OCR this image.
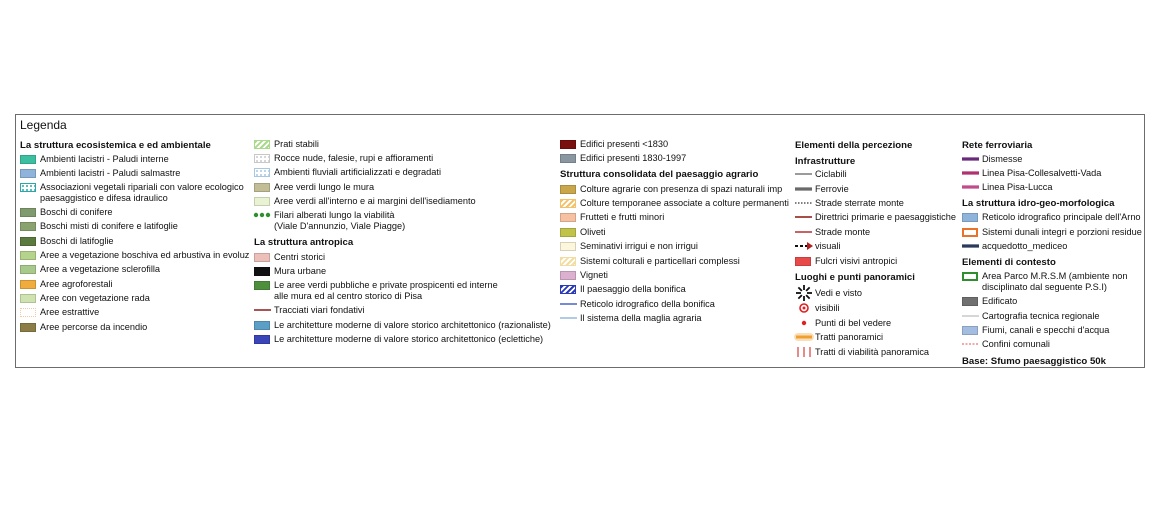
Legenda
La struttura ecosistemica e ed ambientale
Ambienti lacistri - Paludi interne
Ambienti lacistri - Paludi salmastre
Associazioni vegetali ripariali con valore ecologico
paesaggistico e difesa idraulico
Boschi di conifere
Boschi misti di conifere e latifoglie
Boschi di latifoglie
Aree a vegetazione boschiva ed arbustiva in evoluz
Aree a vegetazione sclerofilla
Aree agroforestali
Aree con vegetazione rada
Aree estrattive
Aree percorse da incendio
Prati stabili
Rocce nude, falesie, rupi e affioramenti
Ambienti fluviali artificializzati e degradati
Aree verdi lungo le mura
Aree verdi all'interno e ai margini dell'isediamento
Filari alberati lungo la viabilità
(Viale D'annunzio, Viale Piagge)
La struttura antropica
Centri storici
Mura urbane
Le aree verdi pubbliche e private prospicenti ed interne
alle mura ed al centro storico di Pisa
Tracciati viari fondativi
Le architetture moderne di valore storico architettonico (razionaliste)
Le architetture moderne di valore storico architettonico (eclettiche)
Edifici presenti <1830
Edifici presenti 1830-1997
Struttura consolidata del paesaggio agrario
Colture agrarie con presenza di spazi naturali imp
Colture temporanee associate a colture permanenti
Frutteti e frutti minori
Oliveti
Seminativi irrigui e non irrigui
Sistemi colturali e particellari complessi
Vigneti
Il paesaggio della bonifica
Reticolo idrografico della bonifica
Il sistema della maglia agraria
Elementi della percezione
Infrastrutture
Ciclabili
Ferrovie
Strade sterrate monte
Direttrici primarie e paesaggistiche
Strade monte
visuali
Fulcri visivi antropici
Luoghi e punti panoramici
Vedi e visto
visibili
Punti di bel vedere
Tratti panoramici
Tratti di viabilità panoramica
Rete ferroviaria
Dismesse
Linea Pisa-Collesalvetti-Vada
Linea Pisa-Lucca
La struttura idro-geo-morfologica
Reticolo idrografico principale dell'Arno
Sistemi dunali integri e porzioni residue
acquedotto_mediceo
Elementi di contesto
Area Parco M.R.S.M (ambiente non
disciplinato dal seguente P.S.I)
Edificato
Cartografia tecnica regionale
Fiumi, canali e specchi d'acqua
Confini comunali
Base: Sfumo paesaggistico 50k
